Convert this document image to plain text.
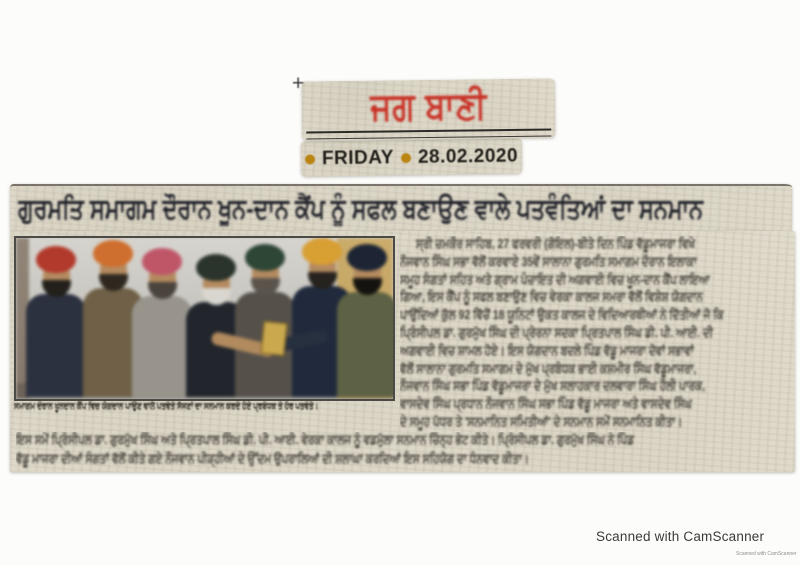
+
ਜਗ ਬਾਣੀ
FRIDAY 28.02.2020
ਗੁਰਮਤਿ ਸਮਾਗਮ ਦੌਰਾਨ ਖੂਨ-ਦਾਨ ਕੈਂਪ ਨੂੰ ਸਫਲ ਬਣਾਉਣ ਵਾਲੇ ਪਤਵੰਤਿਆਂ ਦਾ ਸਨਮਾਨ
ਸਮਾਗਮ ਦੌਰਾਨ ਖੂਨਦਾਨ ਕੈਂਪ ਵਿਚ ਯੋਗਦਾਨ ਪਾਉਣ ਵਾਲੇ ਪਤਵੰਤੇ ਸੱਜਣਾਂ ਦਾ ਸਨਮਾਨ ਕਰਦੇ ਹੋਏ ਪ੍ਰਬੰਧਕ ਤੇ ਹੋਰ ਪਤਵੰਤੇ।
ਸ੍ਰੀ ਚਮਕੌਰ ਸਾਹਿਬ, 27 ਫਰਵਰੀ (ਗੋਇਲ)-ਬੀਤੇ ਦਿਨ ਪਿੰਡ ਵੱਡੂਮਾਜਰਾ ਵਿਖੇ
ਨੌਜਵਾਨ ਸਿੰਘ ਸਭਾ ਵੱਲੋਂ ਕਰਵਾਏ 35ਵੇਂ ਸਾਲਾਨਾ ਗੁਰਮਤਿ ਸਮਾਗਮ ਦੌਰਾਨ ਇਲਾਕਾ
ਸਮੂਹ ਸੰਗਤਾਂ ਸਹਿਤ ਅਤੇ ਗ੍ਰਾਮ ਪੰਚਾਇਤ ਦੀ ਅਗਵਾਈ ਵਿਚ ਖੂਨ-ਦਾਨ ਕੈਂਪ ਲਾਇਆ
ਗਿਆ, ਇਸ ਕੈਂਪ ਨੂੰ ਸਫਲ ਬਣਾਉਣ ਵਿਚ ਵੇਰਕਾ ਕਾਲਜ ਸਮਰਾ ਵੱਲੋਂ ਵਿਸ਼ੇਸ਼ ਯੋਗਦਾਨ
ਪਾਉਂਦਿਆਂ ਕੁੱਲ 92 ਵਿੱਚੋਂ 18 ਯੂਨਿਟਾਂ ਉਕਤ ਕਾਲਜ ਦੇ ਵਿਦਿਆਰਥੀਆਂ ਨੇ ਦਿੱਤੀਆਂ ਜੋ ਕਿ
ਪ੍ਰਿੰਸੀਪਲ ਡਾ. ਗੁਰਮੁੱਖ ਸਿੰਘ ਦੀ ਪ੍ਰੇਰਨਾ ਸਦਕਾ ਪ੍ਰਿਤਪਾਲ ਸਿੰਘ ਡੀ. ਪੀ. ਆਈ. ਦੀ
ਅਗਵਾਈ ਵਿਚ ਸ਼ਾਮਲ ਹੋਏ। ਇਸ ਯੋਗਦਾਨ ਬਦਲੇ ਪਿੰਡ ਵੱਡੂ ਮਾਜਰਾ ਦੋਵਾਂ ਸਭਾਵਾਂ
ਵੱਲੋਂ ਸਾਲਾਨਾ ਗੁਰਮਤਿ ਸਮਾਗਮ ਦੇ ਮੁੱਖ ਪ੍ਰਬੰਧਕ ਭਾਈ ਕਸ਼ਮੀਰ ਸਿੰਘ ਵੱਡੂਮਾਜਰਾ,
ਨੌਜਵਾਨ ਸਿੰਘ ਸਭਾ ਪਿੰਡ ਵੱਡੂਮਾਜਰਾ ਦੇ ਮੁੱਖ ਸਲਾਹਕਾਰ ਦਲਵਾਰਾ ਸਿੰਘ ਹੌਲੀ ਪਾਰਕ,
ਵਾਸਦੇਵ ਸਿੰਘ ਪ੍ਰਧਾਨ ਨੌਜਵਾਨ ਸਿੰਘ ਸਭਾ ਪਿੰਡ ਵੱਡੂ ਮਾਜਰਾ ਅਤੇ ਵਾਸਦੇਵ ਸਿੰਘ
ਦੇ ਸਮੂਹ ਪੱਧਰ ਤੇ 'ਸਨਮਾਨਿਤ ਸਮਿਤੀਆਂ' ਦੇ ਸਨਮਾਨ ਸਮੇਂ ਸਨਮਾਨਿਤ ਕੀਤਾ।
ਇਸ ਸਮੇਂ ਪ੍ਰਿੰਸੀਪਲ ਡਾ. ਗੁਰਮੁੱਖ ਸਿੰਘ ਅਤੇ ਪ੍ਰਿਤਪਾਲ ਸਿੰਘ ਡੀ. ਪੀ. ਆਈ. ਵੇਰਕਾ ਕਾਲਜ ਨੂੰ ਵਡਮੁੱਲਾ ਸਨਮਾਨ ਚਿੰਨ੍ਹ ਭੇਟ ਕੀਤੇ। ਪ੍ਰਿੰਸੀਪਲ ਡਾ. ਗੁਰਮੁੱਖ ਸਿੰਘ ਨੇ ਪਿੰਡ
ਵੱਡੂ ਮਾਜਰਾ ਦੀਆਂ ਸੰਗਤਾਂ ਵੱਲੋਂ ਕੀਤੇ ਗਏ ਨੌਜਵਾਨ ਪੀੜ੍ਹੀਆਂ ਦੇ ਉੱਦਮ ਉਪਰਾਲਿਆਂ ਦੀ ਸ਼ਲਾਘਾ ਕਰਦਿਆਂ ਇਸ ਸਹਿਯੋਗ ਦਾ ਧੰਨਵਾਦ ਕੀਤਾ।
Scanned with CamScanner
Scanned with CamScanner
